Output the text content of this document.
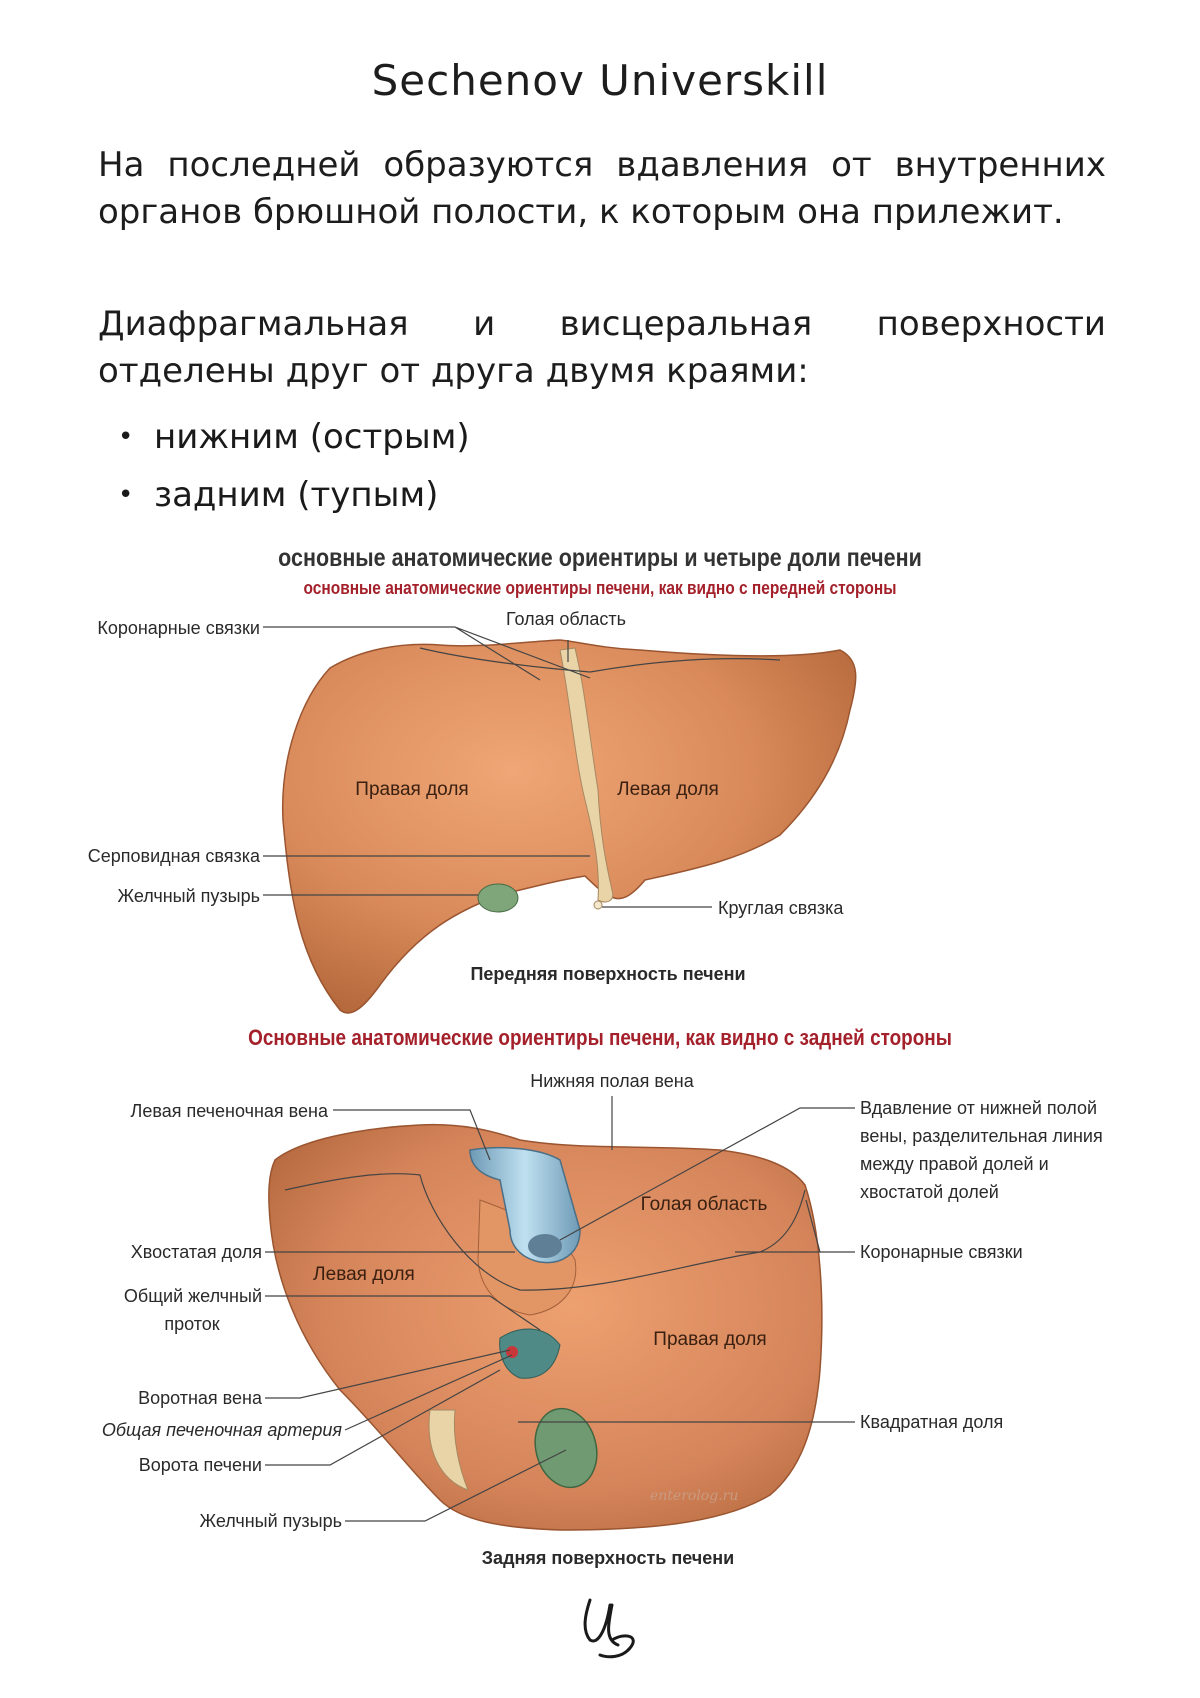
Sechenov Universkill
На последней образуются вдавления от внутренних органов брюшной полости, к которым она прилежит.
Диафрагмальная и висцеральная поверхности отделены друг от друга двумя краями:
• нижним (острым)
• задним (тупым)
основные анатомические ориентиры и четыре доли печени
основные анатомические ориентиры печени, как видно с передней стороны
Основные анатомические ориентиры печени, как видно с задней стороны
Коронарные связки	Голая область
Правая доля	Левая доля
Серповидная связка
Желчный пузырь
Круглая связка
Передняя поверхность печени
enterolog.ru
Нижняя полая вена
Левая печеночная вена	Вдавление от нижней полой
вены, разделительная линия
между правой долей и
хвостатой долей
Хвостатая доля
Левая доля
Голая область
Коронарные связки
Общий желчный
проток
Правая доля
Воротная вена
Общая печеночная артерия	Квадратная доля
Ворота печени
Желчный пузырь
Задняя поверхность печени
